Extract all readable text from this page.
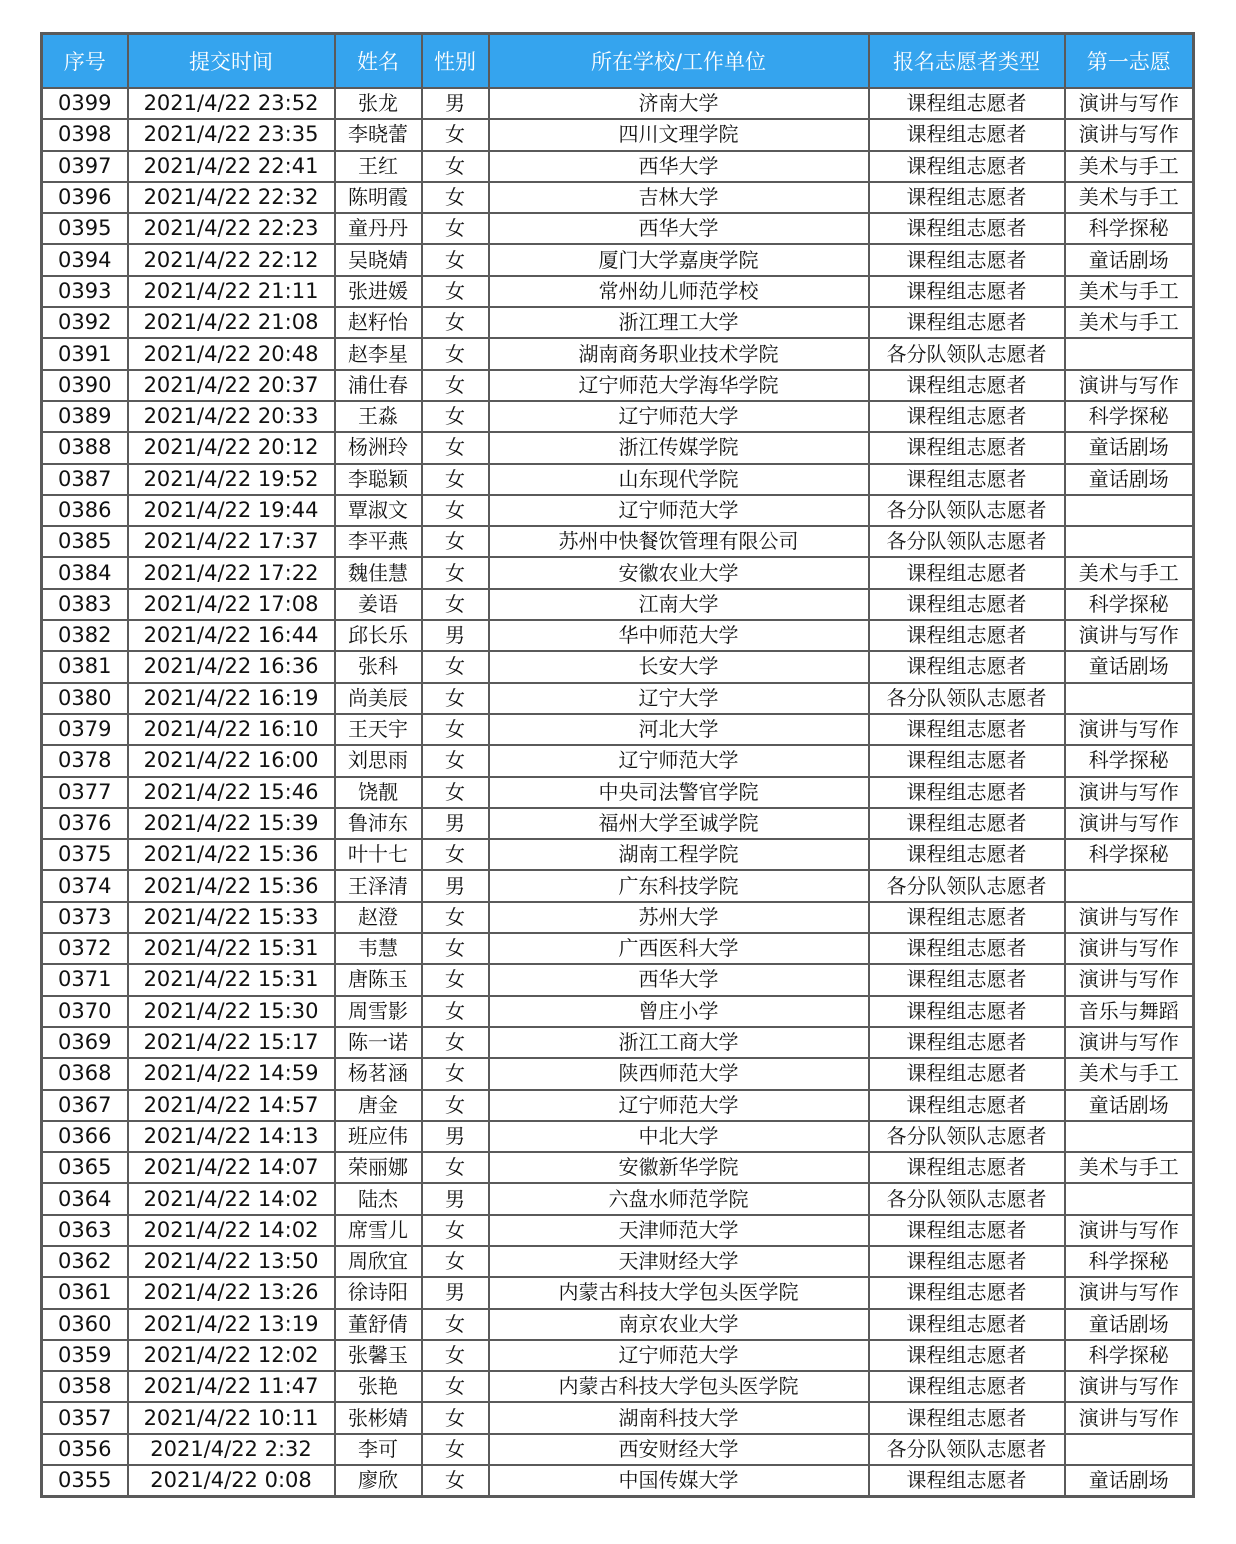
序号	提交时间	姓名	性别	所在学校/工作单位	报名志愿者类型	第一志愿
0399	2021/4/22 23:52	张龙	男	济南大学	课程组志愿者	演讲与写作
0398	2021/4/22 23:35	李晓蕾	女	四川文理学院	课程组志愿者	演讲与写作
0397	2021/4/22 22:41	王红	女	西华大学	课程组志愿者	美术与手工
0396	2021/4/22 22:32	陈明霞	女	吉林大学	课程组志愿者	美术与手工
0395	2021/4/22 22:23	童丹丹	女	西华大学	课程组志愿者	科学探秘
0394	2021/4/22 22:12	吴晓婧	女	厦门大学嘉庚学院	课程组志愿者	童话剧场
0393	2021/4/22 21:11	张进媛	女	常州幼儿师范学校	课程组志愿者	美术与手工
0392	2021/4/22 21:08	赵籽怡	女	浙江理工大学	课程组志愿者	美术与手工
0391	2021/4/22 20:48	赵李星	女	湖南商务职业技术学院	各分队领队志愿者	
0390	2021/4/22 20:37	浦仕春	女	辽宁师范大学海华学院	课程组志愿者	演讲与写作
0389	2021/4/22 20:33	王淼	女	辽宁师范大学	课程组志愿者	科学探秘
0388	2021/4/22 20:12	杨洲玲	女	浙江传媒学院	课程组志愿者	童话剧场
0387	2021/4/22 19:52	李聪颖	女	山东现代学院	课程组志愿者	童话剧场
0386	2021/4/22 19:44	覃淑文	女	辽宁师范大学	各分队领队志愿者	
0385	2021/4/22 17:37	李平燕	女	苏州中快餐饮管理有限公司	各分队领队志愿者	
0384	2021/4/22 17:22	魏佳慧	女	安徽农业大学	课程组志愿者	美术与手工
0383	2021/4/22 17:08	姜语	女	江南大学	课程组志愿者	科学探秘
0382	2021/4/22 16:44	邱长乐	男	华中师范大学	课程组志愿者	演讲与写作
0381	2021/4/22 16:36	张科	女	长安大学	课程组志愿者	童话剧场
0380	2021/4/22 16:19	尚美辰	女	辽宁大学	各分队领队志愿者	
0379	2021/4/22 16:10	王天宇	女	河北大学	课程组志愿者	演讲与写作
0378	2021/4/22 16:00	刘思雨	女	辽宁师范大学	课程组志愿者	科学探秘
0377	2021/4/22 15:46	饶靓	女	中央司法警官学院	课程组志愿者	演讲与写作
0376	2021/4/22 15:39	鲁沛东	男	福州大学至诚学院	课程组志愿者	演讲与写作
0375	2021/4/22 15:36	叶十七	女	湖南工程学院	课程组志愿者	科学探秘
0374	2021/4/22 15:36	王泽清	男	广东科技学院	各分队领队志愿者	
0373	2021/4/22 15:33	赵澄	女	苏州大学	课程组志愿者	演讲与写作
0372	2021/4/22 15:31	韦慧	女	广西医科大学	课程组志愿者	演讲与写作
0371	2021/4/22 15:31	唐陈玉	女	西华大学	课程组志愿者	演讲与写作
0370	2021/4/22 15:30	周雪影	女	曾庄小学	课程组志愿者	音乐与舞蹈
0369	2021/4/22 15:17	陈一诺	女	浙江工商大学	课程组志愿者	演讲与写作
0368	2021/4/22 14:59	杨茗涵	女	陕西师范大学	课程组志愿者	美术与手工
0367	2021/4/22 14:57	唐金	女	辽宁师范大学	课程组志愿者	童话剧场
0366	2021/4/22 14:13	班应伟	男	中北大学	各分队领队志愿者	
0365	2021/4/22 14:07	荣丽娜	女	安徽新华学院	课程组志愿者	美术与手工
0364	2021/4/22 14:02	陆杰	男	六盘水师范学院	各分队领队志愿者	
0363	2021/4/22 14:02	席雪儿	女	天津师范大学	课程组志愿者	演讲与写作
0362	2021/4/22 13:50	周欣宜	女	天津财经大学	课程组志愿者	科学探秘
0361	2021/4/22 13:26	徐诗阳	男	内蒙古科技大学包头医学院	课程组志愿者	演讲与写作
0360	2021/4/22 13:19	董舒倩	女	南京农业大学	课程组志愿者	童话剧场
0359	2021/4/22 12:02	张馨玉	女	辽宁师范大学	课程组志愿者	科学探秘
0358	2021/4/22 11:47	张艳	女	内蒙古科技大学包头医学院	课程组志愿者	演讲与写作
0357	2021/4/22 10:11	张彬婧	女	湖南科技大学	课程组志愿者	演讲与写作
0356	2021/4/22 2:32	李可	女	西安财经大学	各分队领队志愿者	
0355	2021/4/22 0:08	廖欣	女	中国传媒大学	课程组志愿者	童话剧场
